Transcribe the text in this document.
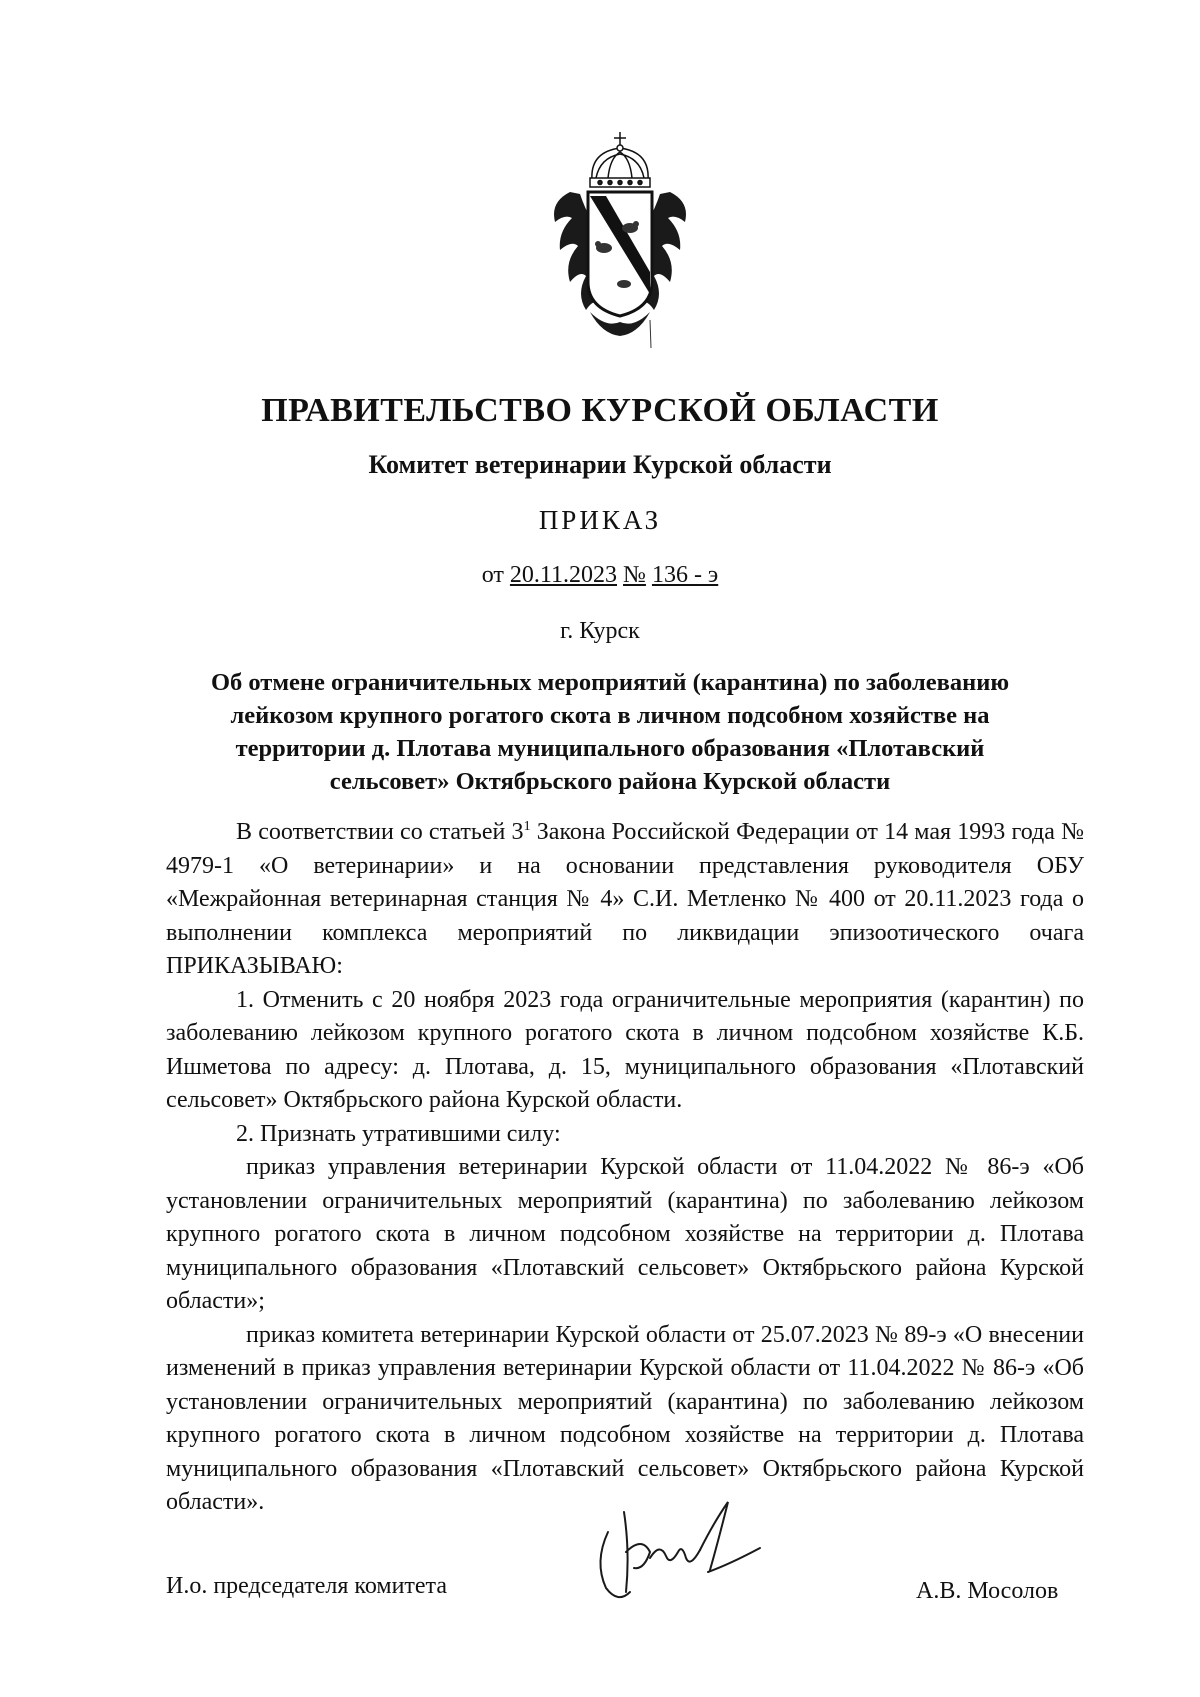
ПРАВИТЕЛЬСТВО КУРСКОЙ ОБЛАСТИ
Комитет ветеринарии Курской области
ПРИКАЗ
от 20.11.2023 № 136 - э
г. Курск
Об отмене ограничительных мероприятий (карантина) по заболеванию лейкозом крупного рогатого скота в личном подсобном хозяйстве на территории д. Плотава муниципального образования «Плотавский сельсовет» Октябрьского района Курской области

В соответствии со статьей $3^1$ Закона Российской Федерации от 14 мая 1993 года № 4979-1 «О ветеринарии» и на основании представления руководителя ОБУ «Межрайонная ветеринарная станция № 4» С.И. Метленко № 400 от 20.11.2023 года о выполнении комплекса мероприятий по ликвидации эпизоотического очага ПРИКАЗЫВАЮ:

1. Отменить с 20 ноября 2023 года ограничительные мероприятия (карантин) по заболеванию лейкозом крупного рогатого скота в личном подсобном хозяйстве К.Б. Ишметова по адресу: д. Плотава, д. 15, муниципального образования «Плотавский сельсовет» Октябрьского района Курской области.

2. Признать утратившими силу:

приказ управления ветеринарии Курской области от 11.04.2022 № 86-э «Об установлении ограничительных мероприятий (карантина) по заболеванию лейкозом крупного рогатого скота в личном подсобном хозяйстве на территории д. Плотава муниципального образования «Плотавский сельсовет» Октябрьского района Курской области»;

приказ комитета ветеринарии Курской области от 25.07.2023 № 89-э «О внесении изменений в приказ управления ветеринарии Курской области от 11.04.2022 № 86-э «Об установлении ограничительных мероприятий (карантина) по заболеванию лейкозом крупного рогатого скота в личном подсобном хозяйстве на территории д. Плотава муниципального образования «Плотавский сельсовет» Октябрьского района Курской области».

И.о. председателя комитета	А.В. Мосолов
